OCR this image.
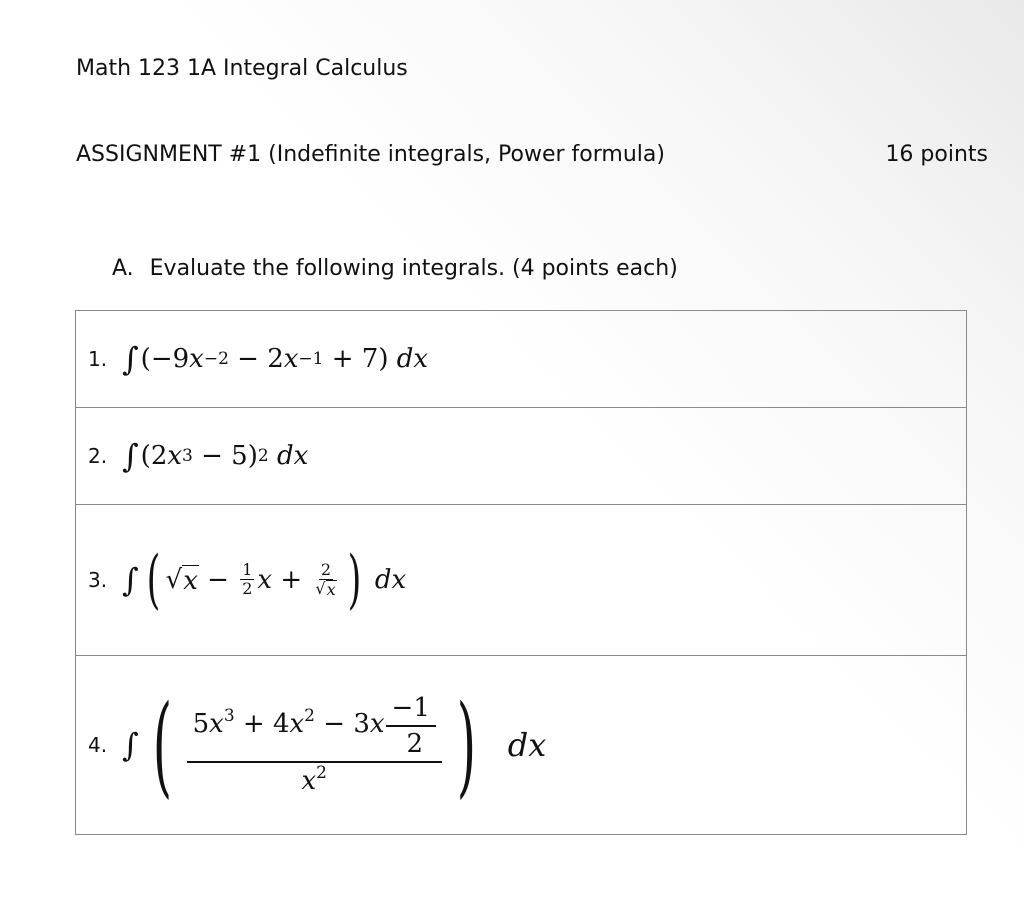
Math 123 1A Integral Calculus
ASSIGNMENT #1 (Indefinite integrals, Power formula)	16 points
A. Evaluate the following integrals. (4 points each)
1. ∫ (−9 x −2 − 2 x −1 + 7) dx

2. ∫ (2 x 3 − 5) 2
dx

3. ∫ ( √ $x - \frac{1}{2}$ $x + \frac{2}{√ x}$ )
dx

4. ∫ ( $\frac{5x^3 + 4x^2 - 3x \frac{-1}{2}}{x^2}$ ) dx
